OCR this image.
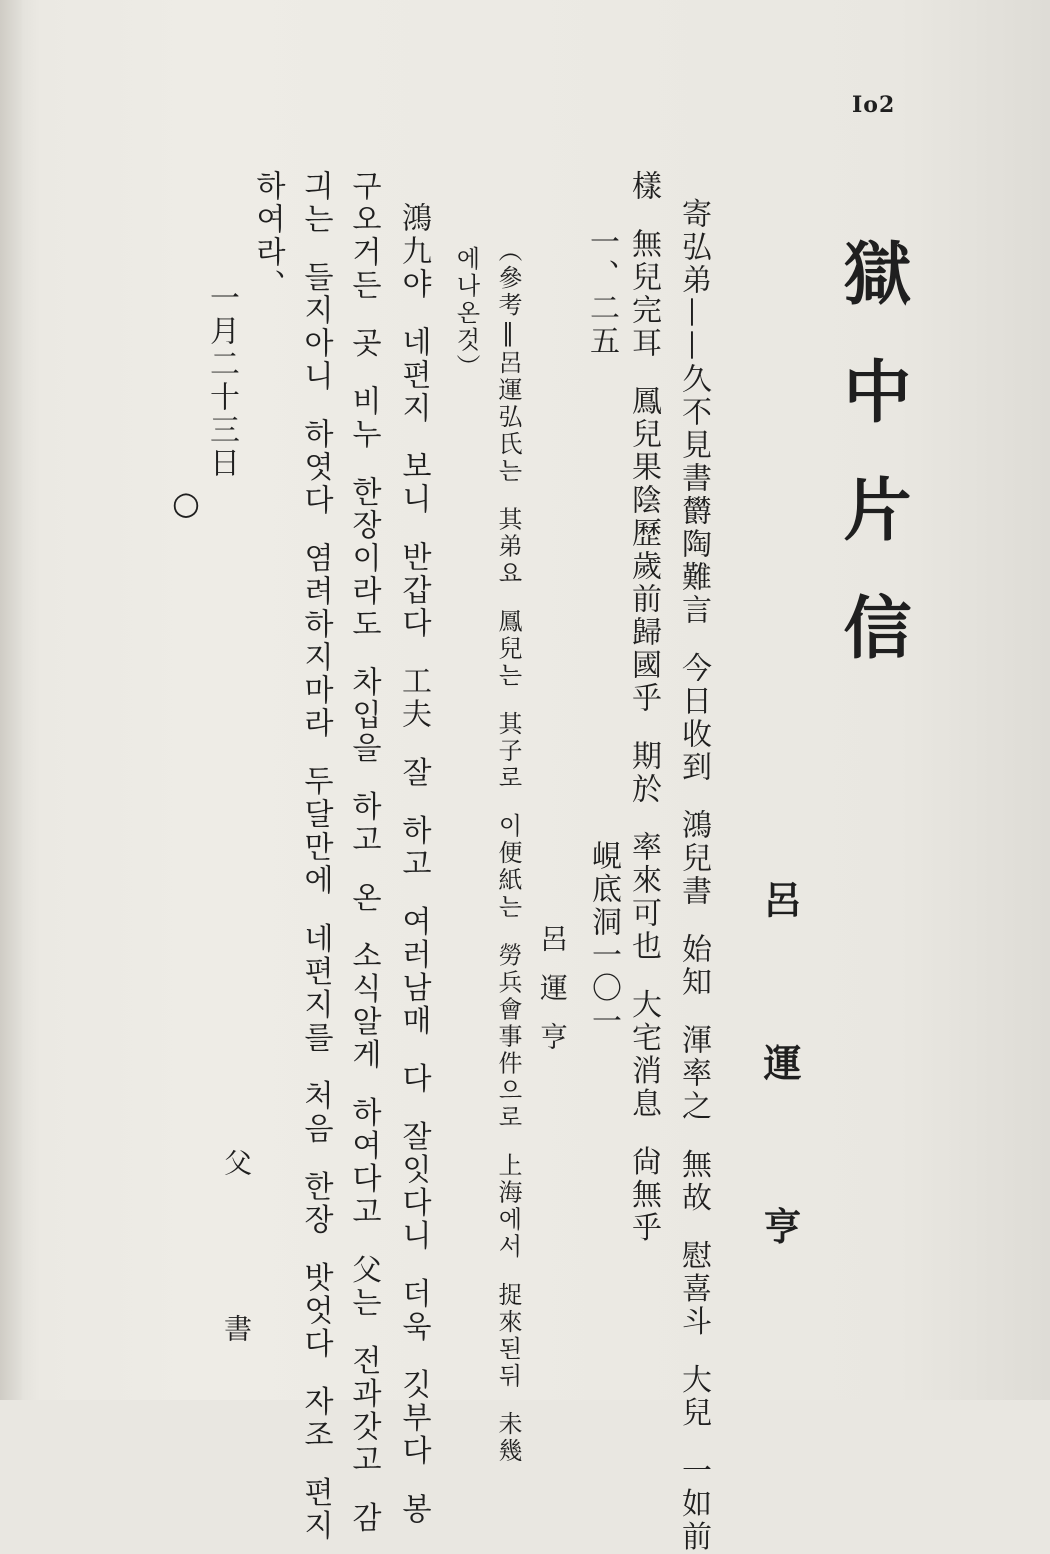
Io2
獄中片信
呂 運 亨
寄弘弟——久不見書欝陶難言  今日收到  鴻兒書  始知  渾率之  無故  慰喜斗  大兒  一如前
樣  無兒完耳  鳳兒果陰歷歲前歸國乎  期於  率來可也  大宅消息  尙無乎
峴底洞一〇一
一、二五
呂 運 亨
（參考‖呂運弘氏는  其弟요  鳳兒는  其子로  이便紙는  勞兵會事件으로  上海에서  捉來된뒤  未幾
에나온것）
鴻九야  네편지  보니  반갑다  工夫  잘  하고  여러남매  다  잘잇다니  더욱  깃부다  봉
구오거든  곳  비누  한장이라도  차입을  하고  온  소식알게  하여다고  父는  전과갓고  감
긔는  들지아니  하엿다  염려하지마라  두달만에  네편지를  처음  한장  밧엇다  자조  편지
하여라、
一月二十三日
○
父  書
